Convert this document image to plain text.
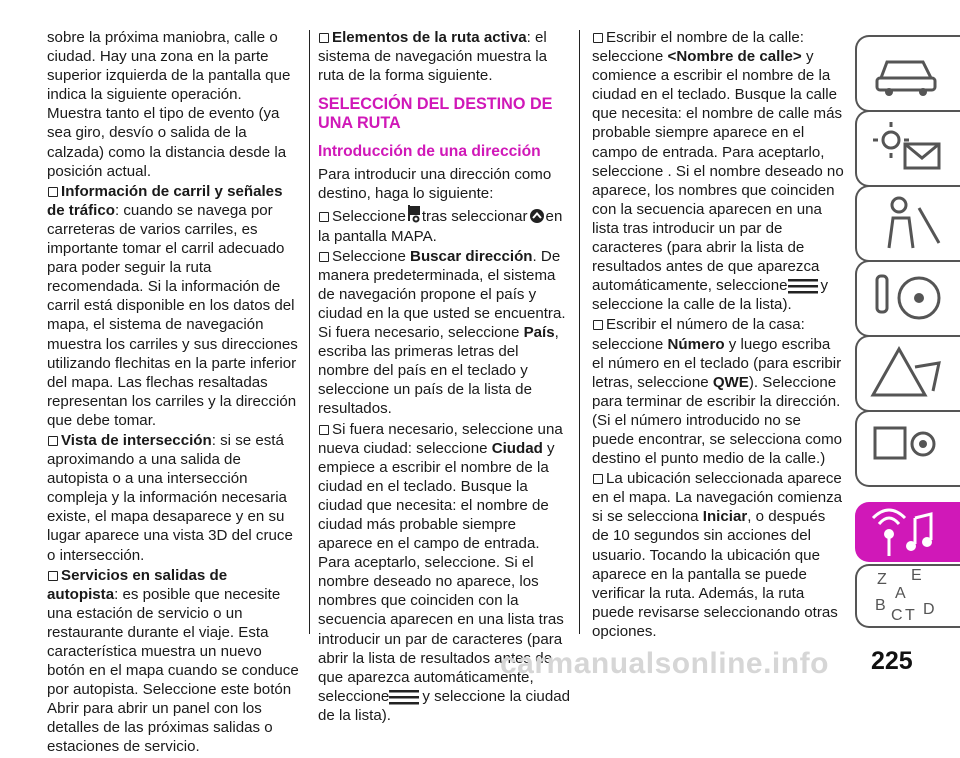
sobre la próxima maniobra, calle o ciudad. Hay una zona en la parte superior izquierda de la pantalla que indica la siguiente operación. Muestra tanto el tipo de evento (ya sea giro, desvío o salida de la calzada) como la distancia desde la posición actual.

Información de carril y señales de tráfico: cuando se navega por carreteras de varios carriles, es importante tomar el carril adecuado para poder seguir la ruta recomendada. Si la información de carril está disponible en los datos del mapa, el sistema de navegación muestra los carriles y sus direcciones utilizando flechitas en la parte inferior del mapa. Las flechas resaltadas representan los carriles y la dirección que debe tomar.

Vista de intersección: si se está aproximando a una salida de autopista o a una intersección compleja y la información necesaria existe, el mapa desaparece y en su lugar aparece una vista 3D del cruce o intersección.

Servicios en salidas de autopista: es posible que necesite una estación de servicio o un restaurante durante el viaje. Esta característica muestra un nuevo botón en el mapa cuando se conduce por autopista. Seleccione este botón Abrir para abrir un panel con los detalles de las próximas salidas o estaciones de servicio.

Elementos de la ruta activa: el sistema de navegación muestra la ruta de la forma siguiente.

SELECCIÓN DEL DESTINO DE UNA RUTA
Introducción de una dirección

Para introducir una dirección como destino, haga lo siguiente:

Seleccione tras seleccionar en la pantalla MAPA.

Seleccione Buscar dirección. De manera predeterminada, el sistema de navegación propone el país y ciudad en la que usted se encuentra. Si fuera necesario, seleccione País, escriba las primeras letras del nombre del país en el teclado y seleccione un país de la lista de resultados.

Si fuera necesario, seleccione una nueva ciudad: seleccione Ciudad y empiece a escribir el nombre de la ciudad en el teclado. Busque la ciudad que necesita: el nombre de ciudad más probable siempre aparece en el campo de entrada. Para aceptarlo, seleccione. Si el nombre deseado no aparece, los nombres que coinciden con la secuencia aparecen en una lista tras introducir un par de caracteres (para abrir la lista de resultados antes de que aparezca automáticamente, seleccione y seleccione la ciudad de la lista).

Escribir el nombre de la calle: seleccione <Nombre de calle> y comience a escribir el nombre de la ciudad en el teclado. Busque la calle que necesita: el nombre de calle más probable siempre aparece en el campo de entrada. Para aceptarlo, seleccione . Si el nombre deseado no aparece, los nombres que coinciden con la secuencia aparecen en una lista tras introducir un par de caracteres (para abrir la lista de resultados antes de que aparezca automáticamente, seleccione y seleccione la calle de la lista).

Escribir el número de la casa: seleccione Número y luego escriba el número en el teclado (para escribir letras, seleccione QWE). Seleccione para terminar de escribir la dirección. (Si el número introducido no se puede encontrar, se selecciona como destino el punto medio de la calle.)

La ubicación seleccionada aparece en el mapa. La navegación comienza si se selecciona Iniciar, o después de 10 segundos sin acciones del usuario. Tocando la ubicación que aparece en la pantalla se puede verificar la ruta. Además, la ruta puede revisarse seleccionando otras opciones.

Z E
A
B
C T D
carmanualsonline.info 225
